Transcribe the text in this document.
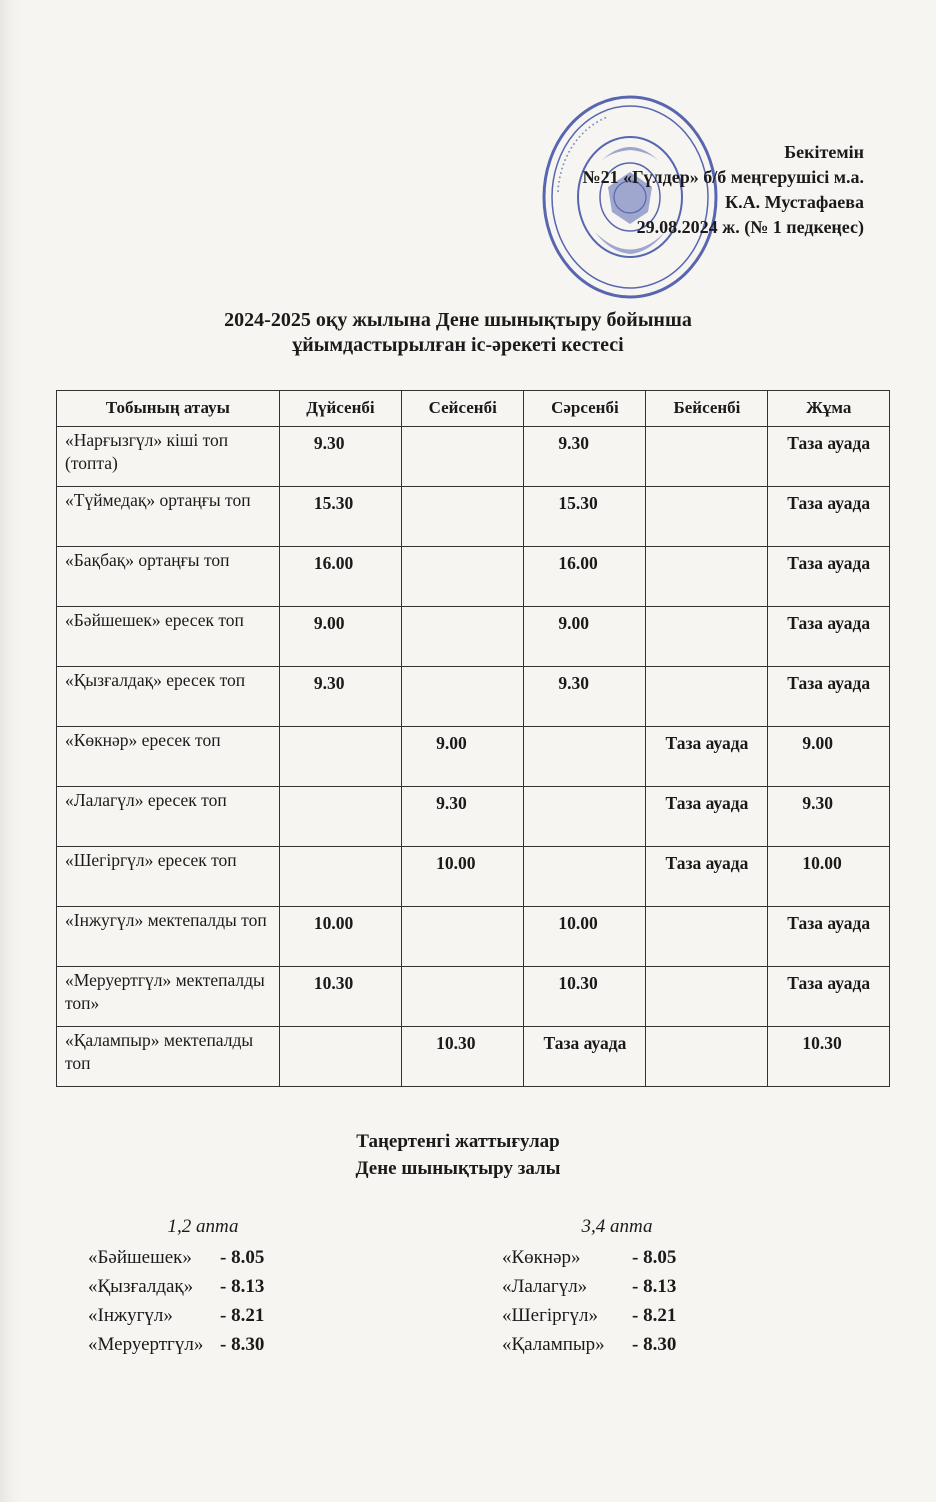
▪ ▪ ▪ ▪ ▪ ▪ ▪ ▪ ▪ ▪ ▪ ▪ ▪ ▪ ▪ ▪ ▪ ▪ ▪ ▪ ▪
Бекітемін
№21 «Гүлдер» б/б меңгерушісі м.а.
К.А. Мустафаева
29.08.2024 ж. (№ 1 педкеңес)
2024-2025 оқу жылына Дене шынықтыру бойынша
ұйымдастырылған іс-әрекеті кестесі
Тобының атауы	Дүйсенбі	Сейсенбі	Сәрсенбі	Бейсенбі	Жұма
«Нарғызгүл» кіші топ (топта)	9.30		9.30		Таза ауада
«Түймедақ» ортаңғы топ	15.30		15.30		Таза ауада
«Бақбақ» ортаңғы топ	16.00		16.00		Таза ауада
«Бәйшешек» ересек топ	9.00		9.00		Таза ауада
«Қызғалдақ» ересек топ	9.30		9.30		Таза ауада
«Көкнәр» ересек топ		9.00		Таза ауада	9.00
«Лалагүл» ересек топ		9.30		Таза ауада	9.30
«Шегіргүл» ересек топ		10.00		Таза ауада	10.00
«Інжугүл» мектепалды топ	10.00		10.00		Таза ауада
«Меруертгүл» мектепалды топ»	10.30		10.30		Таза ауада
«Қалампыр» мектепалды топ		10.30	Таза ауада		10.30
Таңертенгі жаттығулар
Дене шынықтыру залы
1,2 апта
«Бәйшешек»	- 8.05
«Қызғалдақ»	- 8.13
«Інжугүл»	- 8.21
«Меруертгүл» - 8.30
3,4 апта
«Көкнәр»	- 8.05
«Лалагүл»	- 8.13
«Шегіргүл»	- 8.21
«Қалампыр»	- 8.30
